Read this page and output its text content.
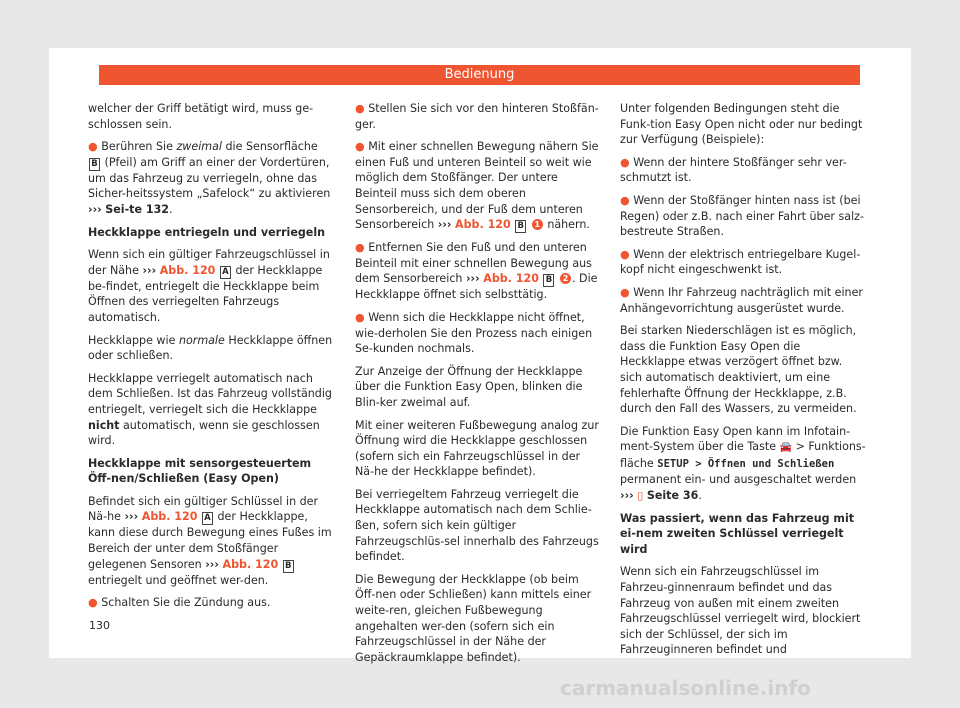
Bedienung

welcher der Griff betätigt wird, muss ge-schlossen sein.

● Berühren Sie zweimal die Sensorfläche B (Pfeil) am Griff an einer der Vordertüren, um das Fahrzeug zu verriegeln, ohne das Sicher-heitssystem „Safelock“ zu aktivieren ››› Sei-te 132.

Heckklappe entriegeln und verriegeln

Wenn sich ein gültiger Fahrzeugschlüssel in der Nähe ››› Abb. 120 A der Heckklappe be-findet, entriegelt die Heckklappe beim Öffnen des verriegelten Fahrzeugs automatisch.

Heckklappe wie normale Heckklappe öffnen oder schließen.

Heckklappe verriegelt automatisch nach dem Schließen. Ist das Fahrzeug vollständig entriegelt, verriegelt sich die Heckklappe nicht automatisch, wenn sie geschlossen wird.

Heckklappe mit sensorgesteuertem Öff-nen/Schließen (Easy Open)

Befindet sich ein gültiger Schlüssel in der Nä-he ››› Abb. 120 A der Heckklappe, kann diese durch Bewegung eines Fußes im Bereich der unter dem Stoßfänger gelegenen Sensoren ››› Abb. 120 B entriegelt und geöffnet wer-den.

● Schalten Sie die Zündung aus.

● Stellen Sie sich vor den hinteren Stoßfän-ger.

● Mit einer schnellen Bewegung nähern Sie einen Fuß und unteren Beinteil so weit wie möglich dem Stoßfänger. Der untere Beinteil muss sich dem oberen Sensorbereich, und der Fuß dem unteren Sensorbereich ››› Abb. 120 B 1 nähern.

● Entfernen Sie den Fuß und den unteren Beinteil mit einer schnellen Bewegung aus dem Sensorbereich ››› Abb. 120 B 2 . Die Heckklappe öffnet sich selbsttätig.

● Wenn sich die Heckklappe nicht öffnet, wie-derholen Sie den Prozess nach einigen Se-kunden nochmals.

Zur Anzeige der Öffnung der Heckklappe über die Funktion Easy Open, blinken die Blin-ker zweimal auf.

Mit einer weiteren Fußbewegung analog zur Öffnung wird die Heckklappe geschlossen (sofern sich ein Fahrzeugschlüssel in der Nä-he der Heckklappe befindet).

Bei verriegeltem Fahrzeug verriegelt die Heckklappe automatisch nach dem Schlie-ßen, sofern sich kein gültiger Fahrzeugschlüs-sel innerhalb des Fahrzeugs befindet.

Die Bewegung der Heckklappe (ob beim Öff-nen oder Schließen) kann mittels einer weite-ren, gleichen Fußbewegung angehalten wer-den (sofern sich ein Fahrzeugschlüssel in der Nähe der Gepäckraumklappe befindet).

Unter folgenden Bedingungen steht die Funk-tion Easy Open nicht oder nur bedingt zur Verfügung (Beispiele):

● Wenn der hintere Stoßfänger sehr ver-schmutzt ist.

● Wenn der Stoßfänger hinten nass ist (bei Regen) oder z.B. nach einer Fahrt über salz-bestreute Straßen.

● Wenn der elektrisch entriegelbare Kugel-kopf nicht eingeschwenkt ist.

● Wenn Ihr Fahrzeug nachträglich mit einer Anhängevorrichtung ausgerüstet wurde.

Bei starken Niederschlägen ist es möglich, dass die Funktion Easy Open die Heckklappe etwas verzögert öffnet bzw. sich automatisch deaktiviert, um eine fehlerhafte Öffnung der Heckklappe, z.B. durch den Fall des Wassers, zu vermeiden.

Die Funktion Easy Open kann im Infotain-ment-System über die Taste 🚘 > Funktions-fläche SETUP > Öffnen und Schließen permanent ein- und ausgeschaltet werden ››› ▯ Seite 36.

Was passiert, wenn das Fahrzeug mit ei-nem zweiten Schlüssel verriegelt wird

Wenn sich ein Fahrzeugschlüssel im Fahrzeu-ginnenraum befindet und das Fahrzeug von außen mit einem zweiten Fahrzeugschlüssel verriegelt wird, blockiert sich der Schlüssel, der sich im Fahrzeuginneren befindet und

130
carmanualsonline.info
